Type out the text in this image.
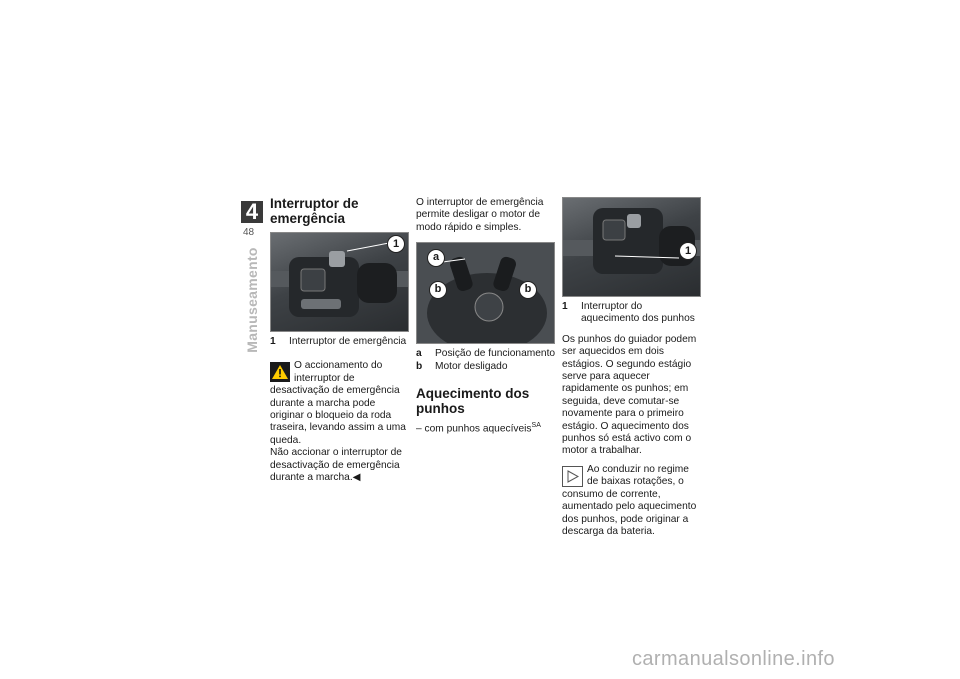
4
48
Manuseamento
Interruptor de emergência
1
1	Interruptor de emergência

O accionamento do interruptor de desactivação de emergência durante a marcha pode originar o bloqueio da roda traseira, levando assim a uma queda.

Não accionar o interruptor de desactivação de emergência durante a marcha.◀

O interruptor de emergência permite desligar o motor de modo rápido e simples.

a
b	b
a	Posição de funcionamento
b	Motor desligado
Aquecimento dos punhos

– com punhos aquecíveis$^{SA}$

1
1	Interruptor do aquecimento dos punhos

Os punhos do guiador podem ser aquecidos em dois estágios. O segundo estágio serve para aquecer rapidamente os punhos; em seguida, deve comutar-se novamente para o primeiro estágio. O aquecimento dos punhos só está activo com o motor a trabalhar.

Ao conduzir no regime de baixas rotações, o consumo de corrente, aumentado pelo aquecimento dos punhos, pode originar a descarga da bateria.

carmanualsonline.info
